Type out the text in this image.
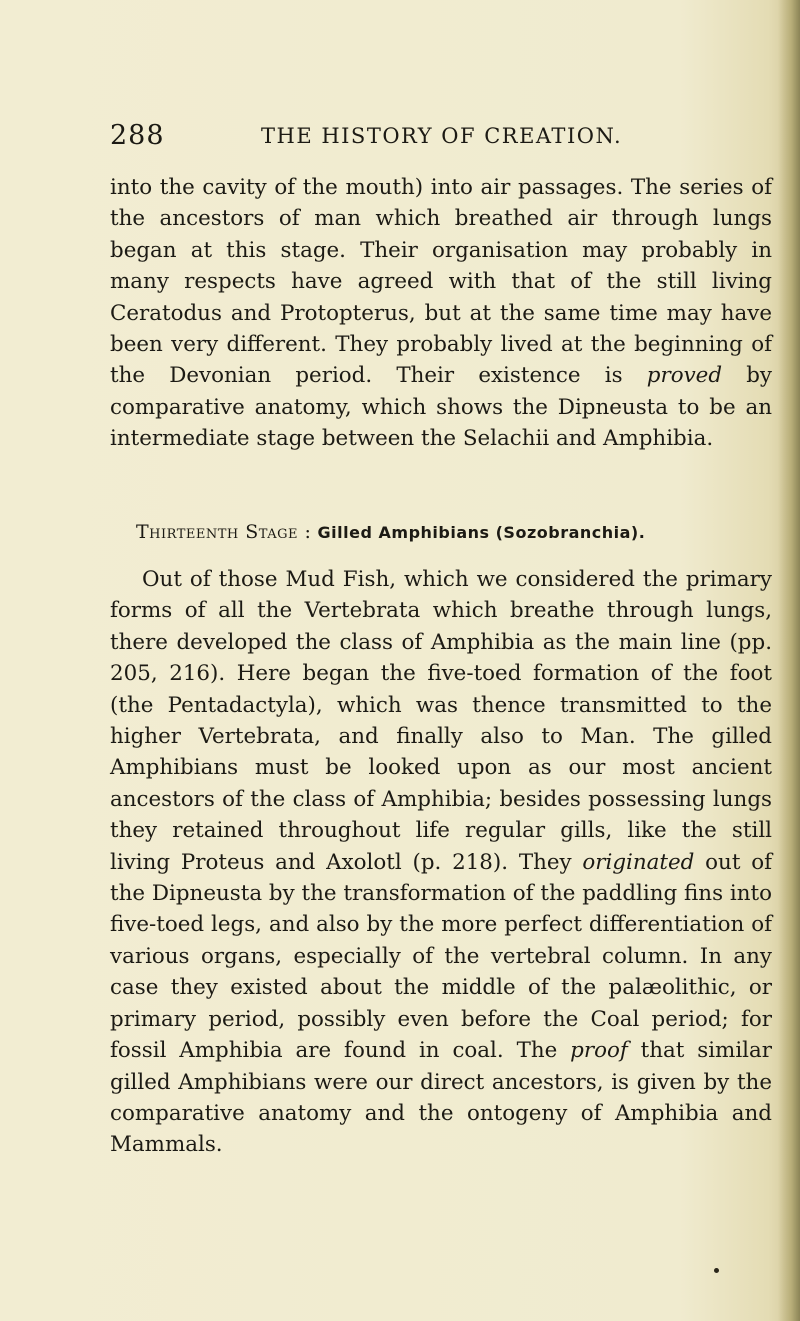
288	THE HISTORY OF CREATION.

into the cavity of the mouth) into air passages. The series of the ancestors of man which breathed air through lungs began at this stage. Their organisation may probably in many respects have agreed with that of the still living Ceratodus and Protopterus, but at the same time may have been very different. They probably lived at the beginning of the Devonian period. Their existence is proved by comparative anatomy, which shows the Dipneusta to be an intermediate stage between the Selachii and Amphibia.

Thirteenth Stage : Gilled Amphibians (Sozobranchia).

Out of those Mud Fish, which we considered the primary forms of all the Vertebrata which breathe through lungs, there developed the class of Amphibia as the main line (pp. 205, 216). Here began the five-toed formation of the foot (the Pentadactyla), which was thence transmitted to the higher Vertebrata, and finally also to Man. The gilled Amphibians must be looked upon as our most ancient ancestors of the class of Amphibia; besides possessing lungs they retained throughout life regular gills, like the still living Proteus and Axolotl (p. 218). They originated out of the Dipneusta by the transformation of the paddling fins into five-toed legs, and also by the more perfect differentiation of various organs, especially of the vertebral column. In any case they existed about the middle of the palæolithic, or primary period, possibly even before the Coal period; for fossil Amphibia are found in coal. The proof that similar gilled Amphibians were our direct ancestors, is given by the comparative anatomy and the ontogeny of Amphibia and Mammals.
